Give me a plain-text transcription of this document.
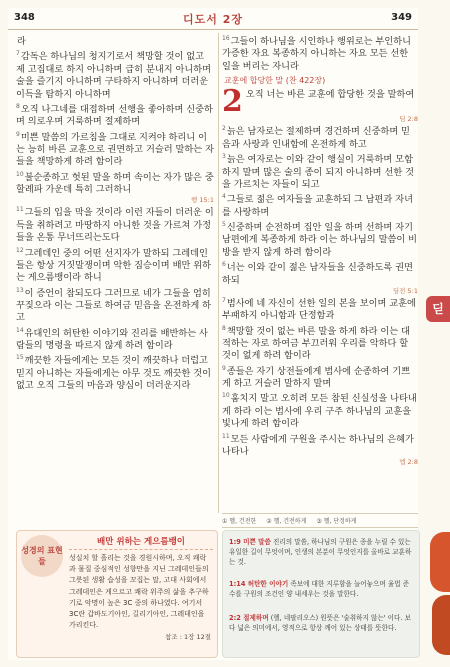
348	디도서 2장	349

라

$^7$감독은 하나님의 청지기로서 책망할 것이 없고 제 고집대로 하지 아니하며 급히 분내지 아니하며 술을 즐기지 아니하며 구타하지 아니하며 더러운 이득을 탐하지 아니하며

$^8$오직 나그네를 대접하며 선행을 좋아하며 신중하며 의로우며 거룩하며 절제하며

$^9$미쁜 말씀의 가르침을 그대로 지켜야 하리니 이는 능히 바른 교훈으로 권면하고 거슬러 말하는 자들을 책망하게 하려 함이라

$^{10}$불순종하고 헛된 말을 하며 속이는 자가 많은 중 할례파 가운데 특히 그러하니
행 15:1

$^{11}$그들의 입을 막을 것이라 이런 자들이 더러운 이득을 취하려고 마땅하지 아니한 것을 가르쳐 가정들을 온통 무너뜨리는도다

$^{12}$그레데인 중의 어떤 선지자가 말하되 그레데인들은 항상 거짓말쟁이며 악한 짐승이며 배만 위하는 게으름뱅이라 하니

$^{13}$이 증언이 참되도다 그러므로 네가 그들을 엄히 꾸짖으라 이는 그들로 하여금 믿음을 온전하게 하고

$^{14}$유대인의 허탄한 이야기와 진리를 배반하는 사람들의 명령을 따르지 않게 하려 함이라

$^{15}$깨끗한 자들에게는 모든 것이 깨끗하나 더럽고 믿지 아니하는 자들에게는 아무 것도 깨끗한 것이 없고 오직 그들의 마음과 양심이 더러운지라

$^{16}$그들이 하나님을 시인하나 행위로는 부인하니 가증한 자요 복종하지 아니하는 자요 모든 선한 일을 버리는 자니라

교훈에 합당한 말 (찬 422장)
2 오직 너는 바른 교훈에 합당한 것을 말하여
딤 2:8

$^2$늙은 남자로는 절제하며 경건하며 신중하며 믿음과 사랑과 인내함에 온전하게 하고

$^3$늙은 여자로는 이와 같이 행실이 거룩하며 모함하지 말며 많은 술의 종이 되지 아니하며 선한 것을 가르치는 자들이 되고

$^4$그들로 젊은 여자들을 교훈하되 그 남편과 자녀를 사랑하며

$^5$신중하며 순전하며 집안 일을 하며 선하며 자기 남편에게 복종하게 하라 이는 하나님의 말씀이 비방을 받지 않게 하려 함이라

$^6$너는 이와 같이 젊은 남자들을 신중하도록 권면하되
딤전 5:1

$^7$범사에 네 자신이 선한 일의 본을 보이며 교훈에 부패하지 아니함과 단정함과

$^8$책망할 것이 없는 바른 말을 하게 하라 이는 대적하는 자로 하여금 부끄러워 우리를 악하다 할 것이 없게 하려 함이라

$^9$종들은 자기 상전들에게 범사에 순종하여 기쁘게 하고 거슬러 말하지 말며

$^{10}$훔치지 말고 오히려 모든 참된 신실성을 나타내게 하라 이는 범사에 우리 구주 하나님의 교훈을 빛나게 하려 함이라

$^{11}$모든 사람에게 구원을 주시는 하나님의 은혜가 나타나
엡 2:8

① 헬, 건전한 ② 헬, 건전하게 ③ 헬, 단정하게
딛
성경의 표현들
배만 위하는 게으름뱅이
성실치 할 흘리는 것을 경원시하며, 오직 쾌락과 물질 중심적인 성향만을 지닌 그레데인들의 그릇된 생활 습성을 꼬집는 말, 고대 사회에서 그레데인은 게으르고 쾌락 위주의 삶을 추구하기로 악명이 높은 3C 중의 하나였다. 여기서 3C란 갑바도기아인, 길리기아인, 그레데인을 가리킨다.
참조 : 1장 12절
1:9 미쁜 말씀 진리의 말씀, 하나님의 구원은 종을 누릴 수 있는 유일한 길이 무엇이며, 인생의 본분이 무엇인지를 올바로 교훈하는 것.
1:14 허탄한 이야기 족보에 대한 지루함을 늘어놓으며 율법 준수를 구원의 조건인 양 내세우는 것을 말한다.
2:2 절제하며 (헬, 네팔리오스) 원뜻은 '술취하지 않는' 이다. 보다 넓은 의미에서, 영적으로 항상 깨어 있는 상태를 뜻한다.
